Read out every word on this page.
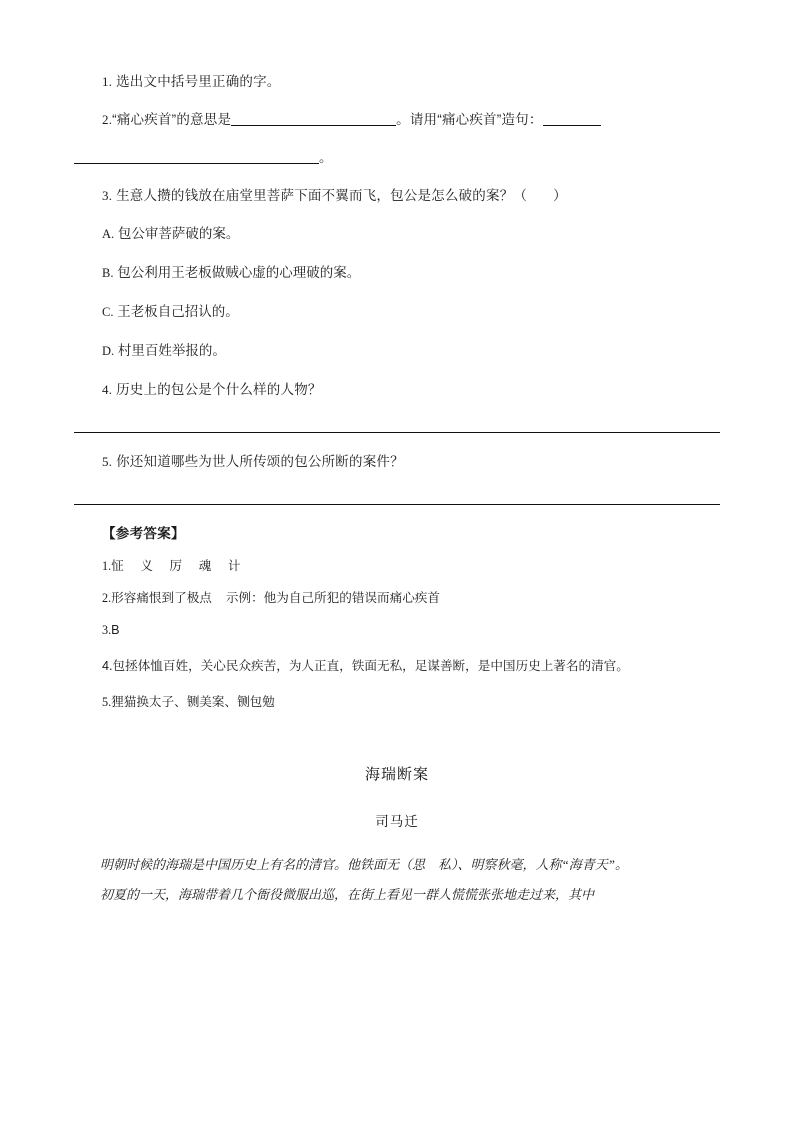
1. 选出文中括号里正确的字。
2.“痛心疾首”的意思是	。请用“痛心疾首”造句：
。
3. 生意人攒的钱放在庙堂里菩萨下面不翼而飞，包公是怎么破的案？（ ）
A. 包公审菩萨破的案。
B. 包公利用王老板做贼心虚的心理破的案。
C. 王老板自己招认的。
D. 村里百姓举报的。
4. 历史上的包公是个什么样的人物？
5. 你还知道哪些为世人所传颂的包公所断的案件？
【参考答案】
1.怔　义　厉　魂　计
2.形容痛恨到了极点 示例：他为自己所犯的错误而痛心疾首
3.B
4.包拯体恤百姓，关心民众疾苦，为人正直，铁面无私，足谋善断，是中国历史上著名的清官。
5.狸猫换太子、铡美案、铡包勉
海瑞断案
司马迁
明朝时候的海瑞是中国历史上有名的清官。他铁面无（思　私）、明察秋毫，人称“海青天”。
初夏的一天，海瑞带着几个衙役微服出巡，在街上看见一群人慌慌张张地走过来，其中
